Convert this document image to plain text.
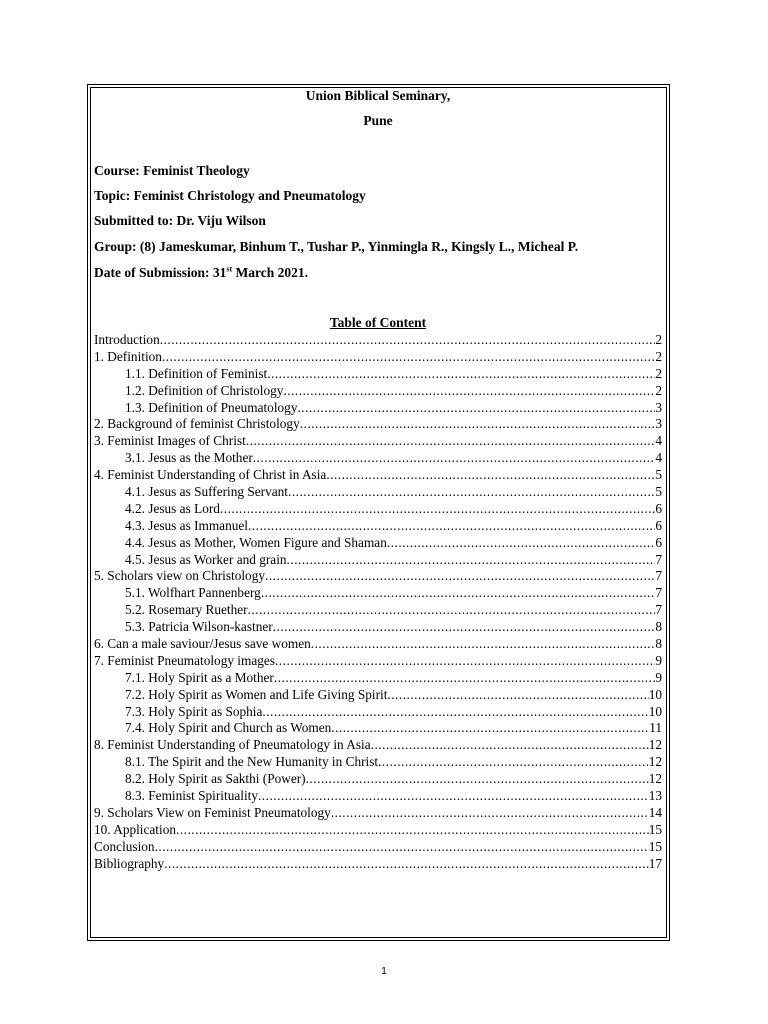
Union Biblical Seminary,
Pune
Course: Feminist Theology
Topic: Feminist Christology and Pneumatology
Submitted to: Dr. Viju Wilson
Group: (8) Jameskumar, Binhum T., Tushar P., Yinmingla R., Kingsly L., Micheal P.
Date of Submission: 31st March 2021.
Table of Content
Introduction .....	2
1. Definition .....	2
1.1. Definition of Feminist .....	2
1.2. Definition of Christology .....	2
1.3. Definition of Pneumatology .....	3
2. Background of feminist Christology .....	3
3. Feminist Images of Christ .....	4
3.1. Jesus as the Mother .....	4
4. Feminist Understanding of Christ in Asia .....	5
4.1. Jesus as Suffering Servant .....	5
4.2. Jesus as Lord .....	6
4.3. Jesus as Immanuel .....	6
4.4. Jesus as Mother, Women Figure and Shaman .....	6
4.5. Jesus as Worker and grain .....	7
5. Scholars view on Christology .....	7
5.1. Wolfhart Pannenberg .....	7
5.2. Rosemary Ruether .....	7
5.3. Patricia Wilson-kastner .....	8
6. Can a male saviour/Jesus save women .....	8
7. Feminist Pneumatology images .....	9
7.1. Holy Spirit as a Mother .....	9
7.2. Holy Spirit as Women and Life Giving Spirit .....	10
7.3. Holy Spirit as Sophia .....	10
7.4. Holy Spirit and Church as Women .....	11
8. Feminist Understanding of Pneumatology in Asia .....	12
8.1. The Spirit and the New Humanity in Christ .....	12
8.2. Holy Spirit as Sakthi (Power) .....	12
8.3. Feminist Spirituality .....	13
9. Scholars View on Feminist Pneumatology .....	14
10. Application .....	15
Conclusion .....	15
Bibliography .....	17
1
